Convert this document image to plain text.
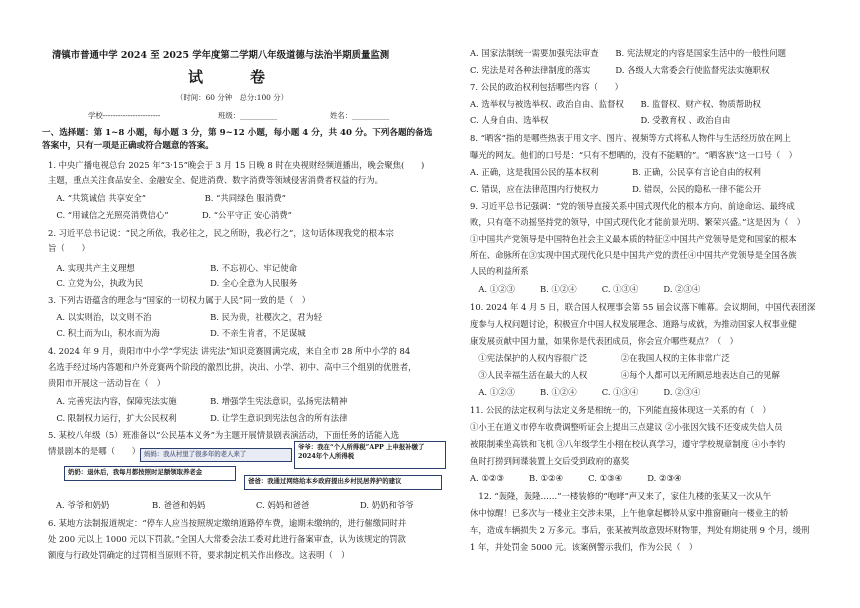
清镇市普通中学 2024 至 2025 学年度第二学期八年级道德与法治半期质量监测
试　卷
（时间：60 分钟　总分:100 分）
学校-----------------------	班级：__________	姓名：__________
一、选择题：第 1~8 小题，每小题 3 分，第 9~12 小题，每小题 4 分，共 40 分。下列各题的备选
答案中，只有一项是正确或符合题意的答案。
1. 中央广播电视总台 2025 年“3·15”晚会于 3 月 15 日晚 8 时在央视财经频道播出，晚会聚焦(　　)
主题，重点关注食品安全、金融安全、促进消费、数字消费等领域侵害消费者权益的行为。
　A. “共筑诚信 共享安全”　　　　　　　B. “共同绿色 服消费”
　C. “用诚信之光照亮消费信心”　　　　D. “公平守正 安心消费”
2. 习近平总书记说：“民之所依，我必往之，民之所盼，我必行之”，这句话体现我党的根本宗
旨（　　）
　A. 实现共产主义理想　　　　　　　　　B. 不忘初心、牢记使命
　C. 立党为公，执政为民　　　　　　　　D. 全心全意为人民服务
3. 下列古语蕴含的理念与“国家的一切权力属于人民”同一致的是（　）
　A. 以实则治，以文则不治　　　　　　　B. 民为贵，社稷次之，君为轻
　C. 积土而为山，积水而为海　　　　　　D. 不亲生肯者，不足谋城
4. 2024 年 9 月，贵阳市中小学“学宪法 讲宪法”知识竞赛圆满完成，来自全市 28 所中小学的 84
名选手经过场内答题和户外竞赛两个阶段的激烈比拼，决出、小学、初中、高中三个组别的优胜者，
贵阳市开展这一活动旨在（　）
　A. 完善宪法内容，保障宪法实施　　　　B. 增强学生宪法意识，弘扬宪法精神
　C. 限制权力运行，扩大公民权利　　　　D. 让学生意识到宪法包含的所有法律
5. 某校八年级（5）班准备以“公民基本义务”为主题开展情景剧表演活动，下面任务的话能入选
情景剧本的是哪（　　） 妈妈：我从村里了很多年的老人来了
爷爷：我在“个人所得税”APP 上申报补缴了 2024年个人所得税
奶奶：退休后，我每月都按照时足额领取养老金
爸爸：我通过网络给本乡政府提出乡村民居养护的建议
A. 爷爷和奶奶	B. 爸爸和妈妈	C. 妈妈和爸爸	D. 奶奶和爷爷
6. 某地方法制报道规定：“停车人应当按照规定缴纳道路停车费，逾期未缴纳的，进行催缴同时并
处 200 元以上 1000 元以下罚款。”全国人大常委会法工委对此进行备案审查，认为该规定的罚款
额度与行政处罚确定的过罚相当原则不符，要求制定机关作出修改。这表明（　）
A. 国家法制统一需要加强宪法审查　　B. 宪法规定的内容是国家生活中的一般性问题
C. 宪法是对各种法律制度的落实　　　D. 各级人大常委会行使监督宪法实施职权
7. 公民的政治权利包括哪些内容（　　）
A. 选举权与被选举权、政治自由、监督权　　B. 监督权、财产权、物质帮助权
C. 人身自由、选举权　　　　　　　　　　　D. 受教育权 、政治自由
8. “晒客”指的是哪些热衷于用文字、图片、视频等方式将私人物件与生活经历放在网上
曝光的网友。他们的口号是：“只有不想晒的，没有不能晒的”。“晒客族”这一口号（　）
A. 正确，这是我国公民的基本权利　　　　B. 正确，公民享有言论自由的权利
C. 错误，应在法律范围内行使权力　　　　D. 错误，公民的隐私一律不能公开
9. 习近平总书记强调：“党的领导直接关系中国式现代化的根本方向、前途命运、最终成
败，只有毫不动摇坚持党的领导，中国式现代化才能前景光明、繁荣兴盛。”这是因为（　）
①中国共产党领导是中国特色社会主义最本质的特征②中国共产党领导是党和国家的根本
所在、命脉所在③实现中国式现代化只是中国共产党的责任④中国共产党领导是全国各族
人民的利益所系
　A. ①②③　　　B. ①②④　　　C. ①③④　　　D. ②③④
10. 2024 年 4 月 5 日，联合国人权理事会第 55 届会议落下帷幕。会议期间，中国代表团深
度参与人权问题讨论，积极宣介中国人权发展理念、道路与成就，为推动国家人权事业健
康发展贡献中国力量，如果你是代表团成员，你会宣介哪些观点？（　）
　①宪法保护的人权内容很广泛　　　　②在我国人权的主体非常广泛
　③人民幸福生活在最大的人权　　　　④每个人都可以无所顾忌地表达自己的见解
　A. ①②③　　　B. ①②④　　　C. ①③④　　　D. ②③④
11. 公民的法定权利与法定义务是相统一的，下列能直接体现这一关系的有（　）
①小王在道义市停车收费调整听证会上提出三点建议 ②小张因欠钱不还变成失信人员
被限制乘坐高铁和飞机 ③八年级学生小栩在校认真学习，遵守学校规章制度 ④小李钓
鱼时打捞到间谍装置上交后受到政府的嘉奖
A. ①②③　　　B. ①②④　　　C. ①③④　　　D. ②③④
　12. “轰隆，轰隆……”一楼装修的“咆哮”声又来了，家住九楼的张某又一次从午
休中惊醒！已多次与一楼业主交涉未果，上午他拿起榔铃从家中推窗砸向一楼业主的轿
车，造成车辆损失 2 万多元。事后，张某被判故意毁坏财物罪，判处有期徒刑 9 个月，缓刑
1 年，并处罚金 5000 元。该案例警示我们，作为公民（　）
